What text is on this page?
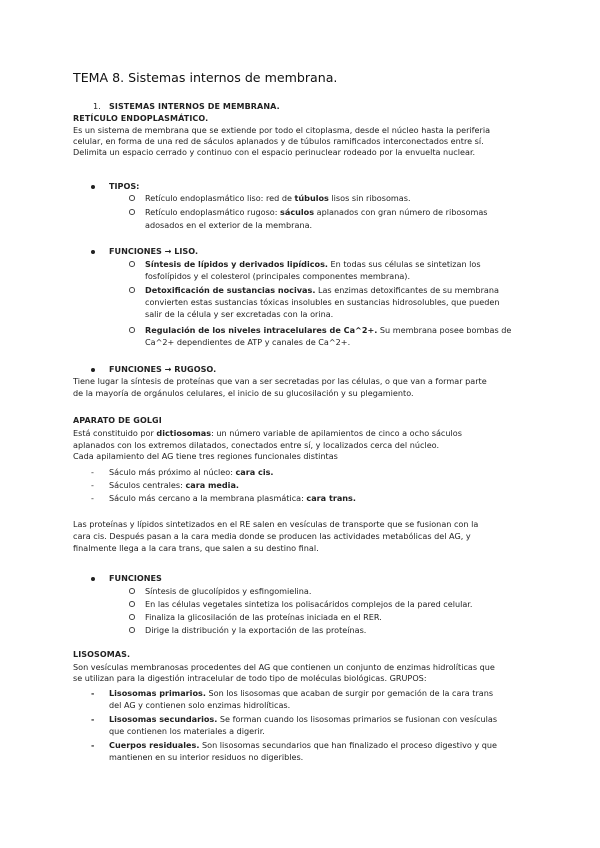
TEMA 8. Sistemas internos de membrana.
1. SISTEMAS INTERNOS DE MEMBRANA.
RETÍCULO ENDOPLASMÁTICO.

Es un sistema de membrana que se extiende por todo el citoplasma, desde el núcleo hasta la periferia

celular, en forma de una red de sáculos aplanados y de túbulos ramificados interconectados entre sí.

Delimita un espacio cerrado y continuo con el espacio perinuclear rodeado por la envuelta nuclear.

TIPOS:
Retículo endoplasmático liso: red de túbulos lisos sin ribosomas.

Retículo endoplasmático rugoso: sáculos aplanados con gran número de ribosomas

adosados en el exterior de la membrana.

FUNCIONES → LISO.

Síntesis de lípidos y derivados lipídicos. En todas sus células se sintetizan los

fosfolípidos y el colesterol (principales componentes membrana).

Detoxificación de sustancias nocivas. Las enzimas detoxificantes de su membrana

convierten estas sustancias tóxicas insolubles en sustancias hidrosolubles, que pueden

salir de la célula y ser excretadas con la orina.

Regulación de los niveles intracelulares de Ca^2+. Su membrana posee bombas de

Ca^2+ dependientes de ATP y canales de Ca^2+.

FUNCIONES → RUGOSO.

Tiene lugar la síntesis de proteínas que van a ser secretadas por las células, o que van a formar parte

de la mayoría de orgánulos celulares, el inicio de su glucosilación y su plegamiento.

APARATO DE GOLGI

Está constituido por dictiosomas: un número variable de apilamientos de cinco a ocho sáculos

aplanados con los extremos dilatados, conectados entre sí, y localizados cerca del núcleo.

Cada apilamiento del AG tiene tres regiones funcionales distintas

- Sáculo más próximo al núcleo: cara cis.
- Sáculos centrales: cara media.
- Sáculo más cercano a la membrana plasmática: cara trans.

Las proteínas y lípidos sintetizados en el RE salen en vesículas de transporte que se fusionan con la

cara cis. Después pasan a la cara media donde se producen las actividades metabólicas del AG, y

finalmente llega a la cara trans, que salen a su destino final.

FUNCIONES
Síntesis de glucolípidos y esfingomielina.
En las células vegetales sintetiza los polisacáridos complejos de la pared celular.
Finaliza la glicosilación de las proteínas iniciada en el RER.
Dirige la distribución y la exportación de las proteínas.
LISOSOMAS.

Son vesículas membranosas procedentes del AG que contienen un conjunto de enzimas hidrolíticas que

se utilizan para la digestión intracelular de todo tipo de moléculas biológicas. GRUPOS:

- Lisosomas primarios. Son los lisosomas que acaban de surgir por gemación de la cara trans

del AG y contienen solo enzimas hidrolíticas.

- Lisosomas secundarios. Se forman cuando los lisosomas primarios se fusionan con vesículas

que contienen los materiales a digerir.

- Cuerpos residuales. Son lisosomas secundarios que han finalizado el proceso digestivo y que

mantienen en su interior residuos no digeribles.
